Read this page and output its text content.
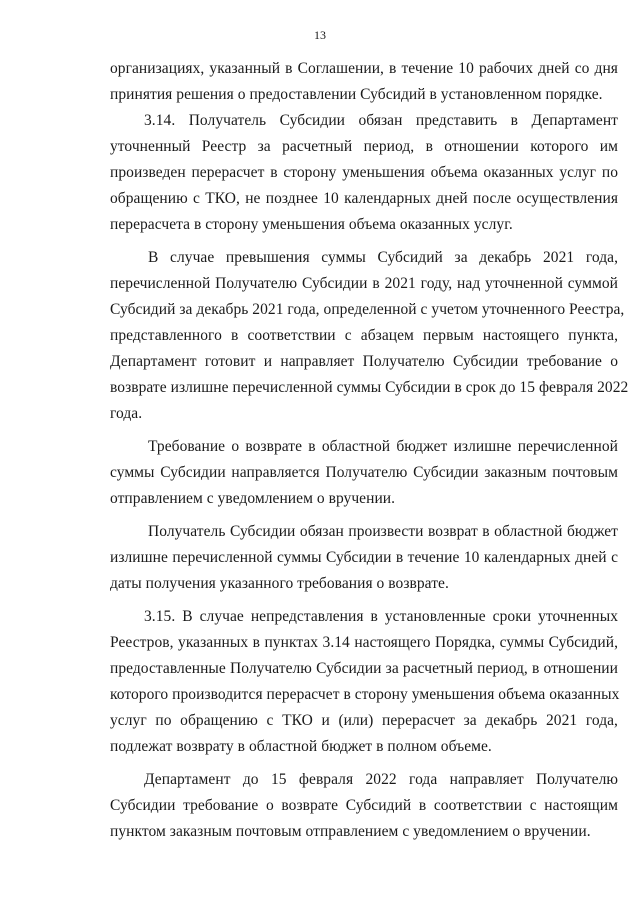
13
организациях, указанный в Соглашении, в течение 10 рабочих дней со дня
принятия решения о предоставлении Субсидий в установленном порядке.
3.14. Получатель Субсидии обязан представить в Департамент
уточненный Реестр за расчетный период, в отношении которого им
произведен перерасчет в сторону уменьшения объема оказанных услуг по
обращению с ТКО, не позднее 10 календарных дней после осуществления
перерасчета в сторону уменьшения объема оказанных услуг.
В случае превышения суммы Субсидий за декабрь 2021 года,
перечисленной Получателю Субсидии в 2021 году, над уточненной суммой
Субсидий за декабрь 2021 года, определенной с учетом уточненного Реестра,
представленного в соответствии с абзацем первым настоящего пункта,
Департамент готовит и направляет Получателю Субсидии требование о
возврате излишне перечисленной суммы Субсидии в срок до 15 февраля 2022
года.
Требование о возврате в областной бюджет излишне перечисленной
суммы Субсидии направляется Получателю Субсидии заказным почтовым
отправлением с уведомлением о вручении.
Получатель Субсидии обязан произвести возврат в областной бюджет
излишне перечисленной суммы Субсидии в течение 10 календарных дней с
даты получения указанного требования о возврате.
3.15. В случае непредставления в установленные сроки уточненных
Реестров, указанных в пунктах 3.14 настоящего Порядка, суммы Субсидий,
предоставленные Получателю Субсидии за расчетный период, в отношении
которого производится перерасчет в сторону уменьшения объема оказанных
услуг по обращению с ТКО и (или) перерасчет за декабрь 2021 года,
подлежат возврату в областной бюджет в полном объеме.
Департамент до 15 февраля 2022 года направляет Получателю
Субсидии требование о возврате Субсидий в соответствии с настоящим
пунктом заказным почтовым отправлением с уведомлением о вручении.
